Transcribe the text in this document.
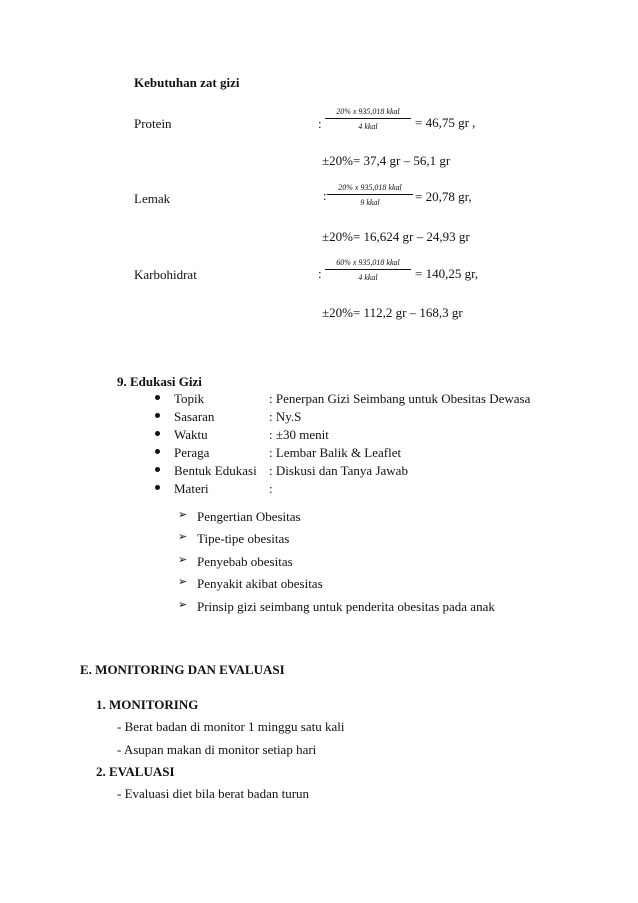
Kebutuhan zat gizi
Protein	:
20% x 935,018 kkal
4 kkal	= 46,75 gr ,
±20%= 37,4 gr – 56,1 gr
Lemak	:
20% x 935,018 kkal
9 kkal	= 20,78 gr,
±20%= 16,624 gr – 24,93 gr
Karbohidrat	:
60% x 935,018 kkal
4 kkal	= 140,25 gr,
±20%= 112,2 gr – 168,3 gr
9. Edukasi Gizi
Topik	: Penerpan Gizi Seimbang untuk Obesitas Dewasa
Sasaran	: Ny.S
Waktu	: ±30 menit
Peraga	: Lembar Balik & Leaflet
Bentuk Edukasi : Diskusi dan Tanya Jawab
Materi	:
➢ Pengertian Obesitas
➢ Tipe-tipe obesitas
➢ Penyebab obesitas
➢ Penyakit akibat obesitas
➢ Prinsip gizi seimbang untuk penderita obesitas pada anak
E. MONITORING DAN EVALUASI
1. MONITORING
- Berat badan di monitor 1 minggu satu kali
- Asupan makan di monitor setiap hari
2. EVALUASI
- Evaluasi diet bila berat badan turun
